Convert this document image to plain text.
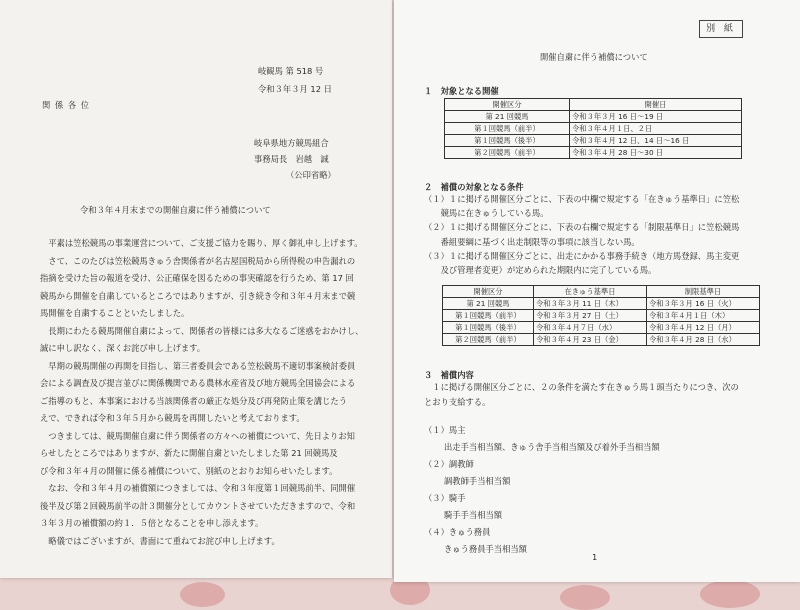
岐観馬 第 518 号
令和３年３月 12 日
関 係 各 位
岐阜県地方競馬組合
事務局長　岩越　誠
（公印省略）
令和３年４月末までの開催自粛に伴う補償について
　平素は笠松競馬の事業運営について、ご支援ご協力を賜り、厚く御礼申し上げます。
　さて、このたびは笠松競馬きゅう舎関係者が名古屋国税局から所得税の申告漏れの
指摘を受けた旨の報道を受け、公正確保を図るための事実確認を行うため、第 17 回
競馬から開催を自粛しているところではありますが、引き続き令和３年４月末まで競
馬開催を自粛することといたしました。
　長期にわたる競馬開催自粛によって、関係者の皆様には多大なるご迷惑をおかけし、
誠に申し訳なく、深くお詫び申し上げます。
　早期の競馬開催の再開を目指し、第三者委員会である笠松競馬不適切事案検討委員
会による調査及び提言並びに関係機関である農林水産省及び地方競馬全国協会による
ご指導のもと、本事案における当該関係者の厳正な処分及び再発防止策を講じたう
えで、できれば令和３年５月から競馬を再開したいと考えております。
　つきましては、競馬開催自粛に伴う関係者の方々への補償について、先日よりお知
らせしたところではありますが、新たに開催自粛といたしました第 21 回競馬及
び令和３年４月の開催に係る補償について、別紙のとおりお知らせいたします。
　なお、令和３年４月の補償額につきましては、令和３年度第１回競馬前半、同開催
後半及び第２回競馬前半の計３開催分としてカウントさせていただきますので、令和
３年３月の補償額の約１．５倍となることを申し添えます。
　略儀ではございますが、書面にて重ねてお詫び申し上げます。
別 紙
開催自粛に伴う補償について
１　対象となる開催
開催区分	開催日
第 21 回競馬	令和３年３月 16 日～19 日
第１回競馬（前半）	令和３年４月１日、２日
第１回競馬（後半）	令和３年４月 12 日、14 日～16 日
第２回競馬（前半）	令和３年４月 28 日～30 日
２　補償の対象となる条件
（１）１に掲げる開催区分ごとに、下表の中欄で規定する「在きゅう基準日」に笠松
　　競馬に在きゅうしている馬。
（２）１に掲げる開催区分ごとに、下表の右欄で規定する「制限基準日」に笠松競馬
　　番組要綱に基づく出走制限等の事項に該当しない馬。
（３）１に掲げる開催区分ごとに、出走にかかる事務手続き（地方馬登録、馬主変更
　　及び管理者変更）が定められた期限内に完了している馬。
開催区分	在きゅう基準日	制限基準日
第 21 回競馬	令和３年３月 11 日（木）	令和３年３月 16 日（火）
第１回競馬（前半）	令和３年３月 27 日（土）	令和３年４月１日（木）
第１回競馬（後半）	令和３年４月７日（水）	令和３年４月 12 日（月）
第２回競馬（前半）	令和３年４月 23 日（金）	令和３年４月 28 日（水）
３　補償内容
　１に掲げる開催区分ごとに、２の条件を満たす在きゅう馬１頭当たりにつき、次の
とおり支給する。
（１）馬主
出走手当相当額、きゅう舎手当相当額及び着外手当相当額
（２）調教師
調教師手当相当額
（３）騎手
騎手手当相当額
（４）きゅう務員
きゅう務員手当相当額
1
